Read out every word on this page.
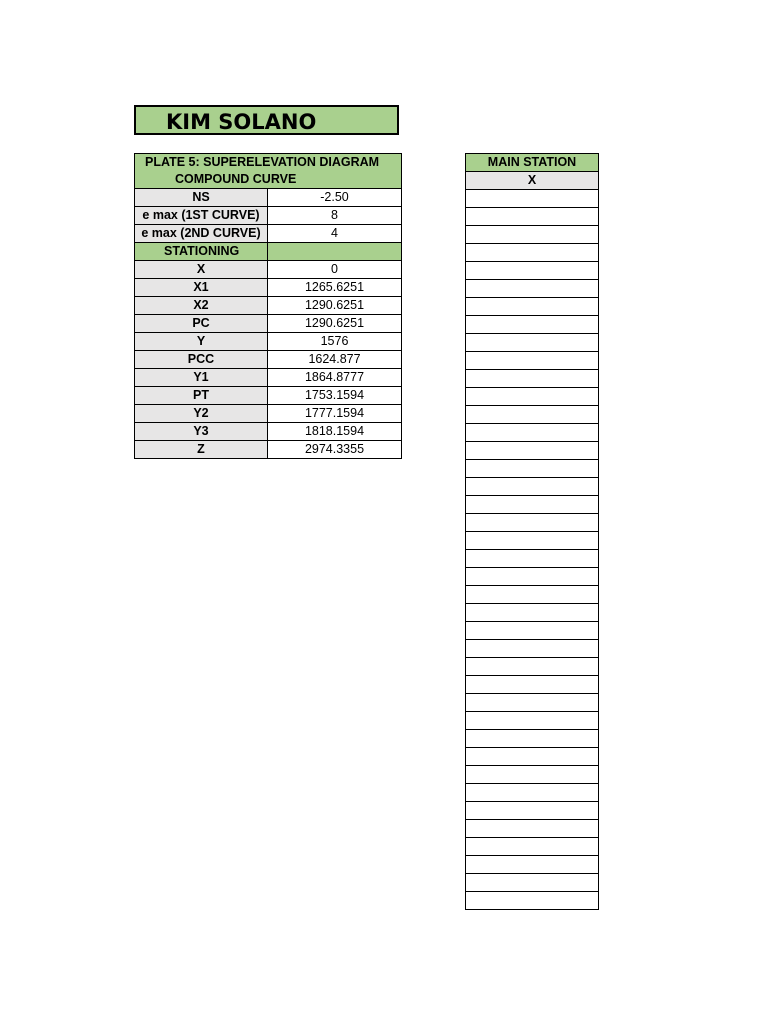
KIM SOLANO
PLATE 5: SUPERELEVATION DIAGRAM	
COMPOUND CURVE	
NS	-2.50
e max (1ST CURVE)	8
e max (2ND CURVE)	4
STATIONING	
X	0
X1	1265.6251
X2	1290.6251
PC	1290.6251
Y	1576
PCC	1624.877
Y1	1864.8777
PT	1753.1594
Y2	1777.1594
Y3	1818.1594
Z	2974.3355
MAIN STATION
X
